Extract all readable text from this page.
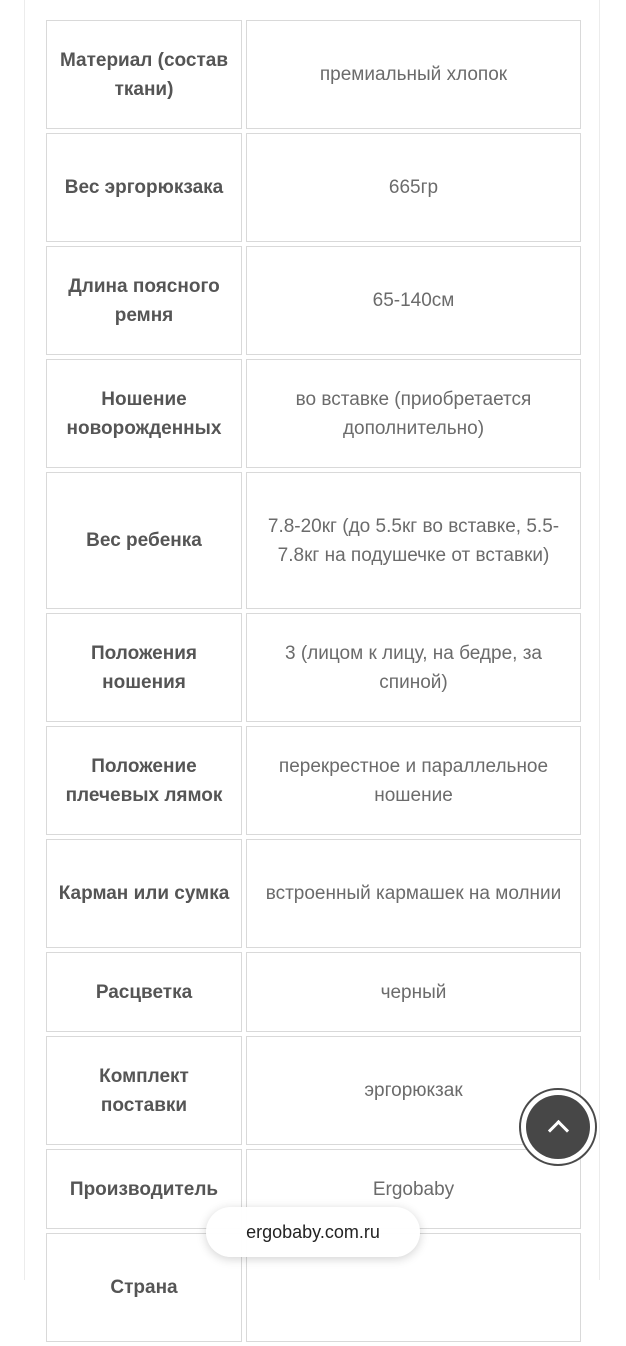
Материал (состав ткани)	премиальный хлопок
Вес эргорюкзака	665гр
Длина поясного ремня	65-140см
Ношение новорожденных	во вставке (приобретается дополнительно)
Вес ребенка	7.8-20кг (до 5.5кг во вставке, 5.5-7.8кг на подушечке от вставки)
Положения ношения	3 (лицом к лицу, на бедре, за спиной)
Положение плечевых лямок	перекрестное и параллельное ношение
Карман или сумка	встроенный кармашек на молнии
Расцветка	черный
Комплект поставки	эргорюкзак
Производитель	Ergobaby
Страна	
ergobaby.com.ru
